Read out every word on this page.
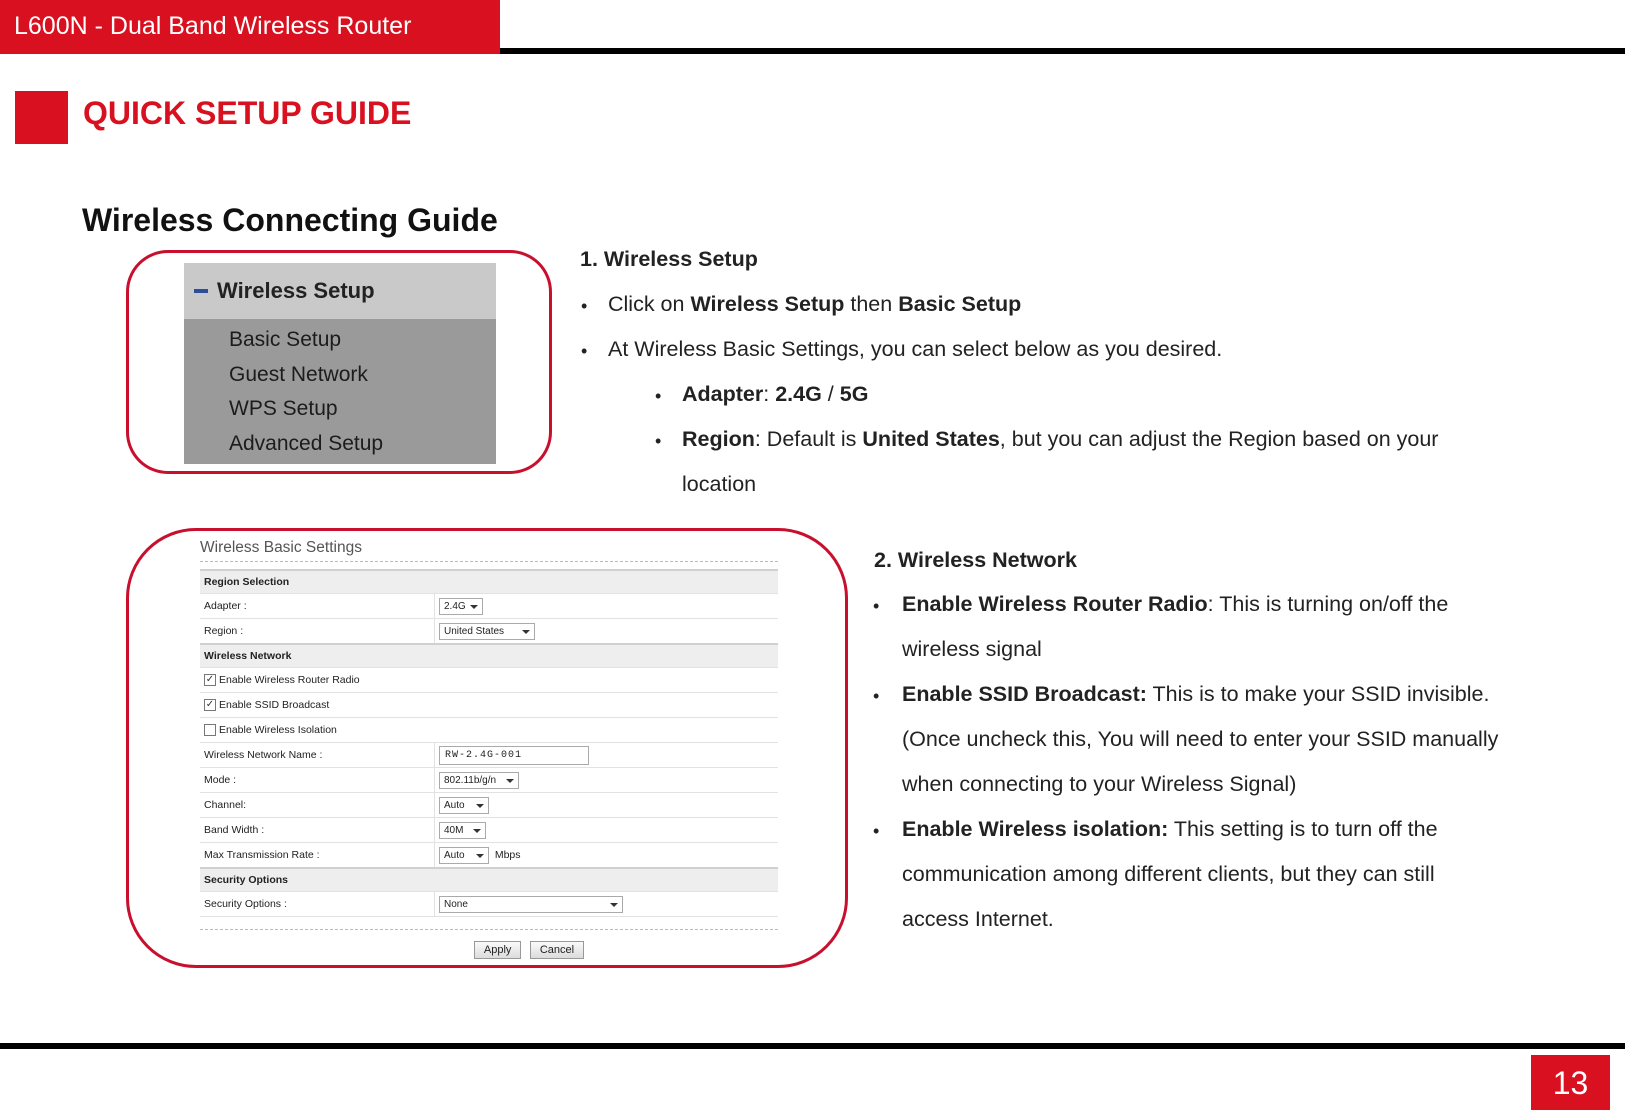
L600N - Dual Band Wireless Router
QUICK SETUP GUIDE
Wireless Connecting Guide
Wireless Setup
Basic Setup
Guest Network
WPS Setup
Advanced Setup
1. Wireless Setup
• Click on Wireless Setup then Basic Setup
• At Wireless Basic Settings, you can select below as you desired.
• Adapter: 2.4G / 5G
• Region: Default is United States, but you can adjust the Region based on your
location
Wireless Basic Settings
Region Selection	
Adapter :	2.4G

Region :	United States

Wireless Network	
✓ Enable Wireless Router Radio	
✓ Enable SSID Broadcast	
Enable Wireless Isolation	
Wireless Network Name :	RW-2.4G-001
Mode :	802.11b/g/n

Channel:	Auto

Band Width :	40M

Max Transmission Rate :	Auto Mbps
Security Options	
Security Options :	None
Apply	Cancel
2. Wireless Network
• Enable Wireless Router Radio: This is turning on/off the
wireless signal
• Enable SSID Broadcast: This is to make your SSID invisible.
(Once uncheck this, You will need to enter your SSID manually
when connecting to your Wireless Signal)
• Enable Wireless isolation: This setting is to turn off the
communication among different clients, but they can still
access Internet.
13
